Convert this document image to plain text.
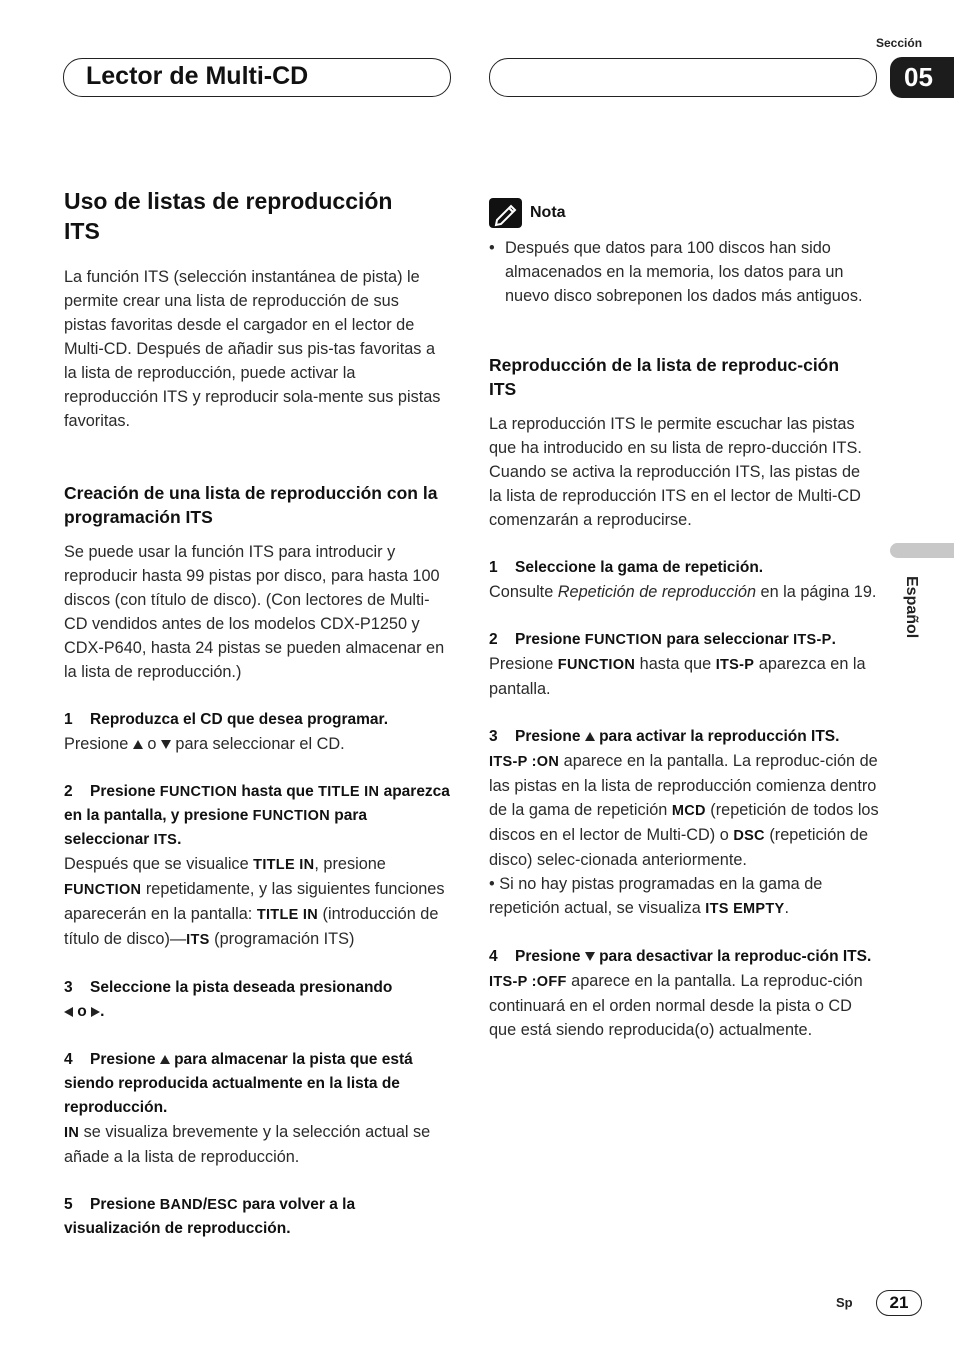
Lector de Multi-CD
Sección
05
Español
Uso de listas de reproducción ITS

La función ITS (selección instantánea de pista) le permite crear una lista de reproducción de sus pistas favoritas desde el cargador en el lector de Multi-CD. Después de añadir sus pis-tas favoritas a la lista de reproducción, puede activar la reproducción ITS y reproducir sola-mente sus pistas favoritas.

Creación de una lista de reproducción con la programación ITS

Se puede usar la función ITS para introducir y reproducir hasta 99 pistas por disco, para hasta 100 discos (con título de disco). (Con lectores de Multi-CD vendidos antes de los modelos CDX-P1250 y CDX-P640, hasta 24 pistas se pueden almacenar en la lista de reproducción.)

1 Reproduzca el CD que desea programar.

Presione  o  para seleccionar el CD.

2 Presione FUNCTION hasta que TITLE IN aparezca en la pantalla, y presione FUNCTION para seleccionar ITS.

Después que se visualice TITLE IN, presione FUNCTION repetidamente, y las siguientes funciones aparecerán en la pantalla: TITLE IN (introducción de título de disco)—ITS (programación ITS)

3 Seleccione la pista deseada presionando
o .

4 Presione  para almacenar la pista que está siendo reproducida actualmente en la lista de reproducción.

IN se visualiza brevemente y la selección actual se añade a la lista de reproducción.

5 Presione BAND/ESC para volver a la visualización de reproducción.

Nota

• Después que datos para 100 discos han sido almacenados en la memoria, los datos para un nuevo disco sobreponen los dados más antiguos.

Reproducción de la lista de reproduc-ción ITS

La reproducción ITS le permite escuchar las pistas que ha introducido en su lista de repro-ducción ITS. Cuando se activa la reproducción ITS, las pistas de la lista de reproducción ITS en el lector de Multi-CD comenzarán a reproducirse.

1 Seleccione la gama de repetición.

Consulte Repetición de reproducción en la página 19.

2 Presione FUNCTION para seleccionar ITS-P.

Presione FUNCTION hasta que ITS-P aparezca en la pantalla.

3 Presione  para activar la reproducción ITS.

ITS-P :ON aparece en la pantalla. La reproduc-ción de las pistas en la lista de reproducción comienza dentro de la gama de repetición MCD (repetición de todos los discos en el lector de Multi-CD) o DSC (repetición de disco) selec-cionada anteriormente.

• Si no hay pistas programadas en la gama de repetición actual, se visualiza ITS EMPTY.

4 Presione  para desactivar la reproduc-ción ITS.

ITS-P :OFF aparece en la pantalla. La reproduc-ción continuará en el orden normal desde la pista o CD que está siendo reproducida(o) actualmente.

Sp	21
